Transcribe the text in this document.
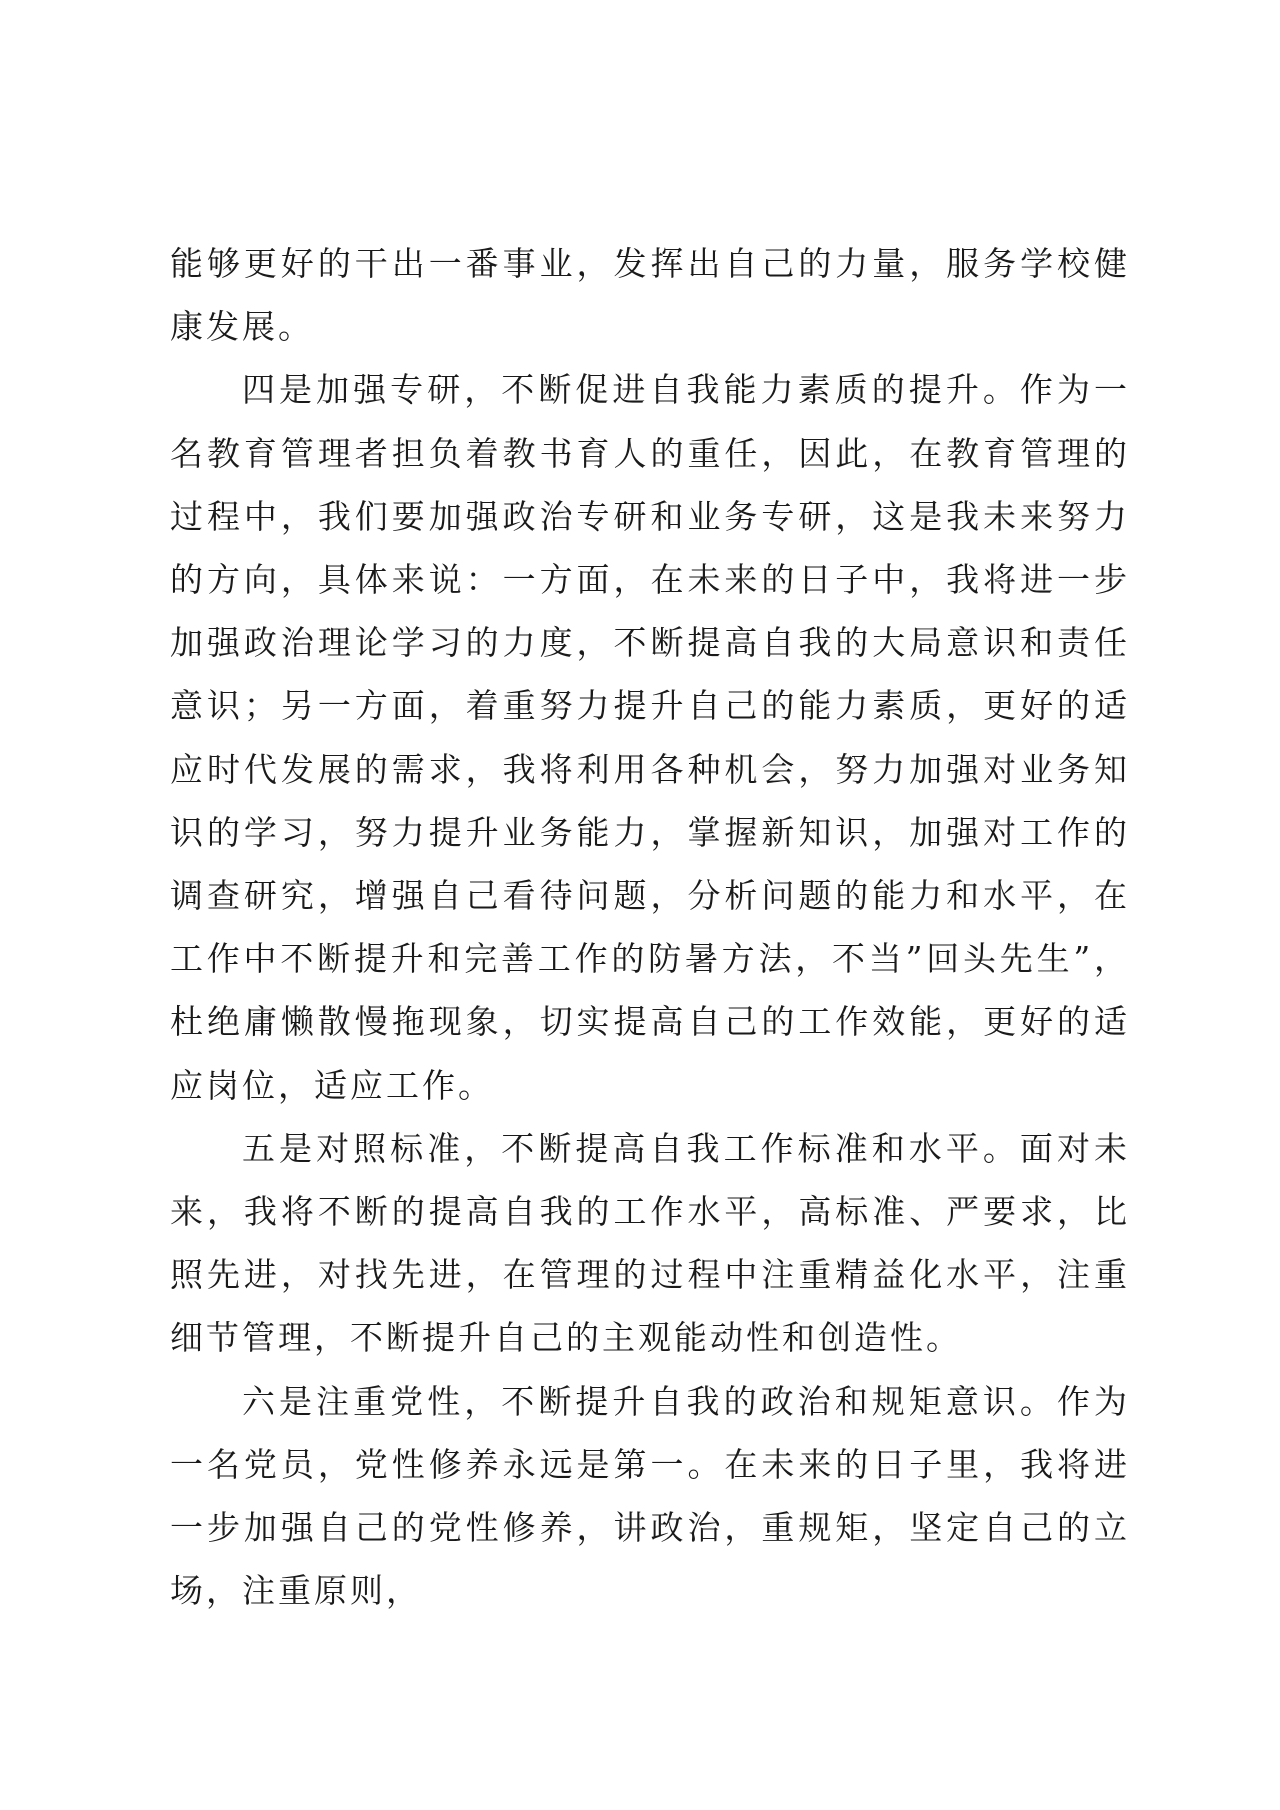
能够更好的干出一番事业，发挥出自己的力量，服务学校健康发展。

四是加强专研，不断促进自我能力素质的提升。作为一名教育管理者担负着教书育人的重任，因此，在教育管理的过程中，我们要加强政治专研和业务专研，这是我未来努力的方向，具体来说：一方面，在未来的日子中，我将进一步加强政治理论学习的力度，不断提高自我的大局意识和责任意识；另一方面，着重努力提升自己的能力素质，更好的适应时代发展的需求，我将利用各种机会，努力加强对业务知识的学习，努力提升业务能力，掌握新知识，加强对工作的调查研究，增强自己看待问题，分析问题的能力和水平，在工作中不断提升和完善工作的防暑方法，不当”回头先生”，杜绝庸懒散慢拖现象，切实提高自己的工作效能，更好的适应岗位，适应工作。

五是对照标准，不断提高自我工作标准和水平。面对未来，我将不断的提高自我的工作水平，高标准、严要求，比照先进，对找先进，在管理的过程中注重精益化水平，注重细节管理，不断提升自己的主观能动性和创造性。

六是注重党性，不断提升自我的政治和规矩意识。作为一名党员，党性修养永远是第一。在未来的日子里，我将进一步加强自己的党性修养，讲政治，重规矩，坚定自己的立场，注重原则，
